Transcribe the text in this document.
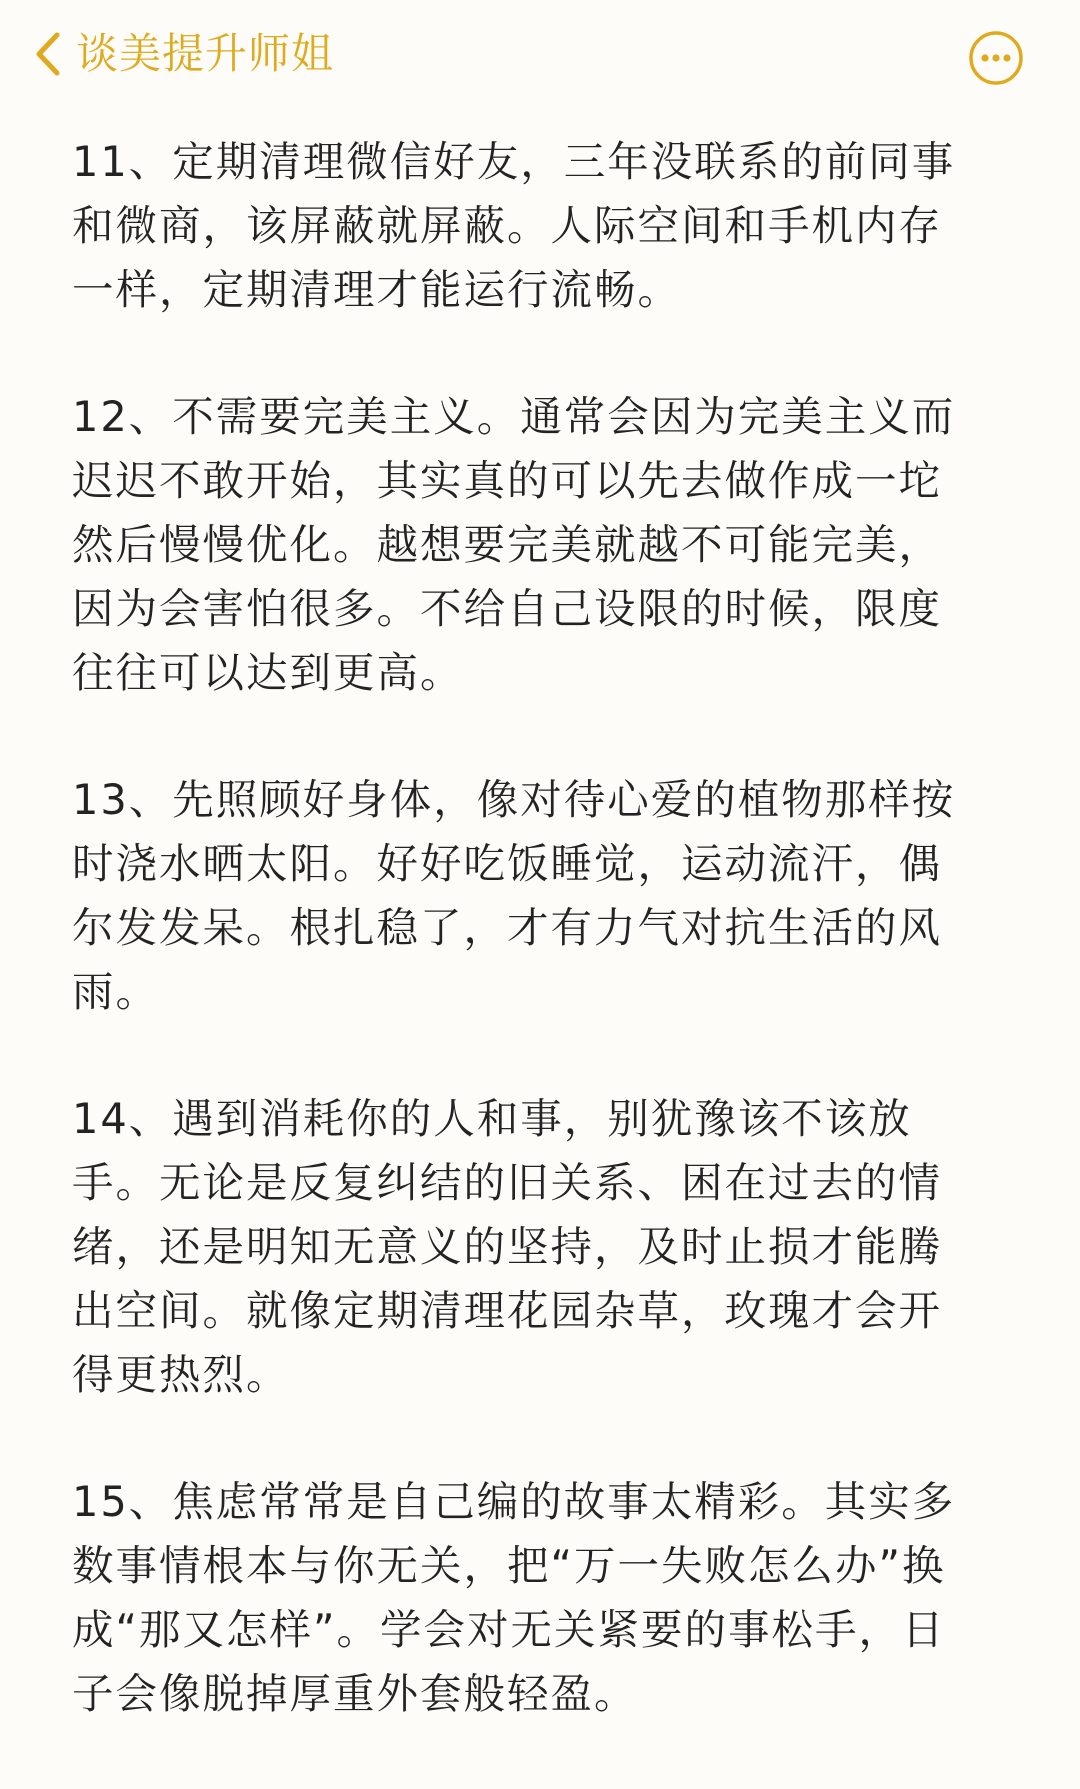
谈美提升师姐

11、定期清理微信好友，三年没联系的前同事和微商，该屏蔽就屏蔽。人际空间和手机内存一样，定期清理才能运行流畅。

12、不需要完美主义。通常会因为完美主义而迟迟不敢开始，其实真的可以先去做作成一坨然后慢慢优化。越想要完美就越不可能完美，因为会害怕很多。不给自己设限的时候，限度往往可以达到更高。

13、先照顾好身体，像对待心爱的植物那样按时浇水晒太阳。好好吃饭睡觉，运动流汗，偶尔发发呆。根扎稳了，才有力气对抗生活的风雨。

14、遇到消耗你的人和事，别犹豫该不该放手。无论是反复纠结的旧关系、困在过去的情绪，还是明知无意义的坚持，及时止损才能腾出空间。就像定期清理花园杂草，玫瑰才会开得更热烈。

15、焦虑常常是自己编的故事太精彩。其实多数事情根本与你无关，把“万一失败怎么办”换成“那又怎样”。学会对无关紧要的事松手，日子会像脱掉厚重外套般轻盈。
